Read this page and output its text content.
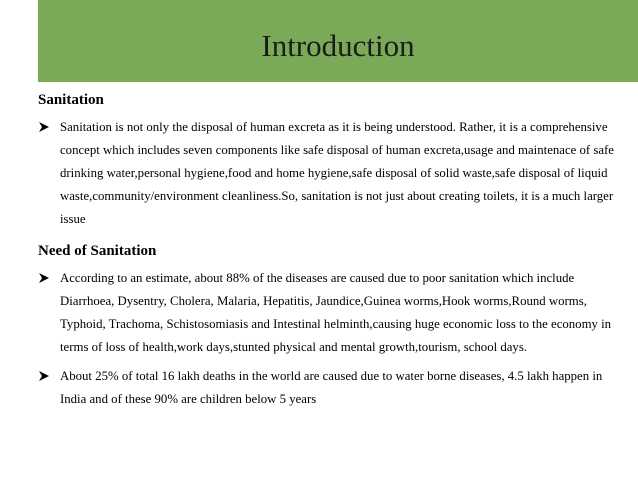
Introduction
Sanitation
Sanitation is not only the disposal of human excreta as it is being understood. Rather, it is a comprehensive concept which includes seven components like safe disposal of human excreta,usage and maintenace of safe drinking water,personal hygiene,food and home hygiene,safe disposal of solid waste,safe disposal of liquid waste,community/environment cleanliness.So, sanitation is not just about creating toilets, it is a much larger issue
Need of Sanitation
According to an estimate, about 88% of the diseases are caused due to poor sanitation which include Diarrhoea, Dysentry, Cholera, Malaria, Hepatitis, Jaundice,Guinea worms,Hook worms,Round worms, Typhoid, Trachoma, Schistosomiasis and Intestinal helminth,causing huge economic loss to the economy in terms of loss of health,work days,stunted physical and mental growth,tourism, school days.
About 25% of total 16 lakh deaths in the world are caused due to water borne diseases, 4.5 lakh happen in India and of these 90% are children below 5 years
